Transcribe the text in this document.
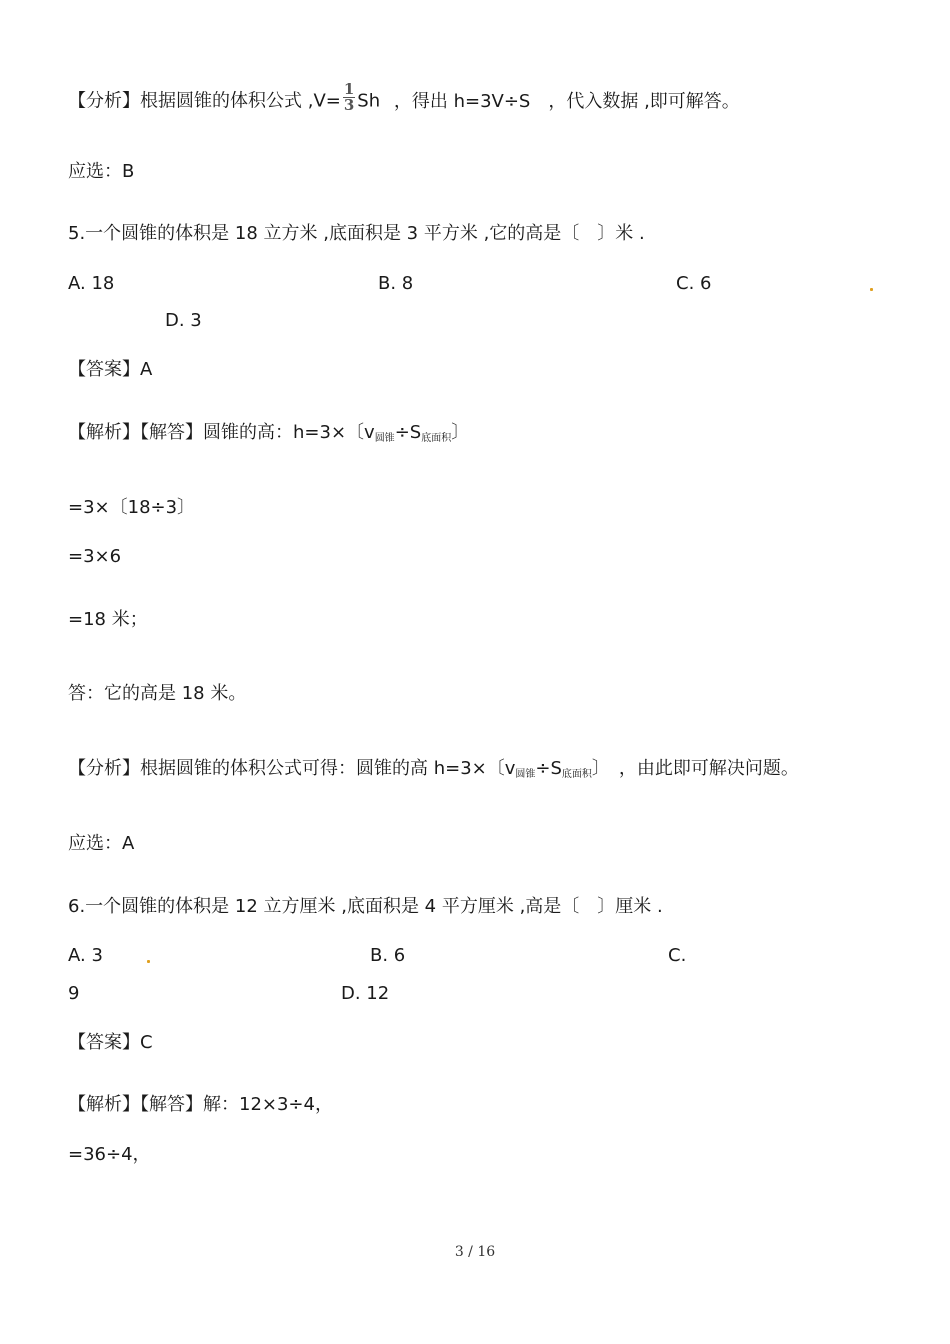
【分析】根据圆锥的体积公式 $,V= \frac{1}{3}$ Sh ，得出 h=3V÷S　，代入数据 ,即可解答。
应选：B
5.一个圆锥的体积是 18 立方米 ,底面积是 3 平方米 ,它的高是〔　〕米 .
A. 18	B. 8	C. 6
D. 3
【答案】A
【解析】【解答】圆锥的高：h=3×〔$v_{圆锥}\div S_{底面积}$〕
=3×〔18÷3〕
=3×6
=18 米；
答：它的高是 18 米。
【分析】根据圆锥的体积公式可得：圆锥的高 h=3×〔$v_{圆锥}\div S_{底面积}$〕　，由此即可解决问题。
应选：A
6.一个圆锥的体积是 12 立方厘米 ,底面积是 4 平方厘米 ,高是〔　〕厘米 .
A. 3	B. 6	C.
9	D. 12
【答案】C
【解析】【解答】解：12×3÷4，
=36÷4，
3 / 16
